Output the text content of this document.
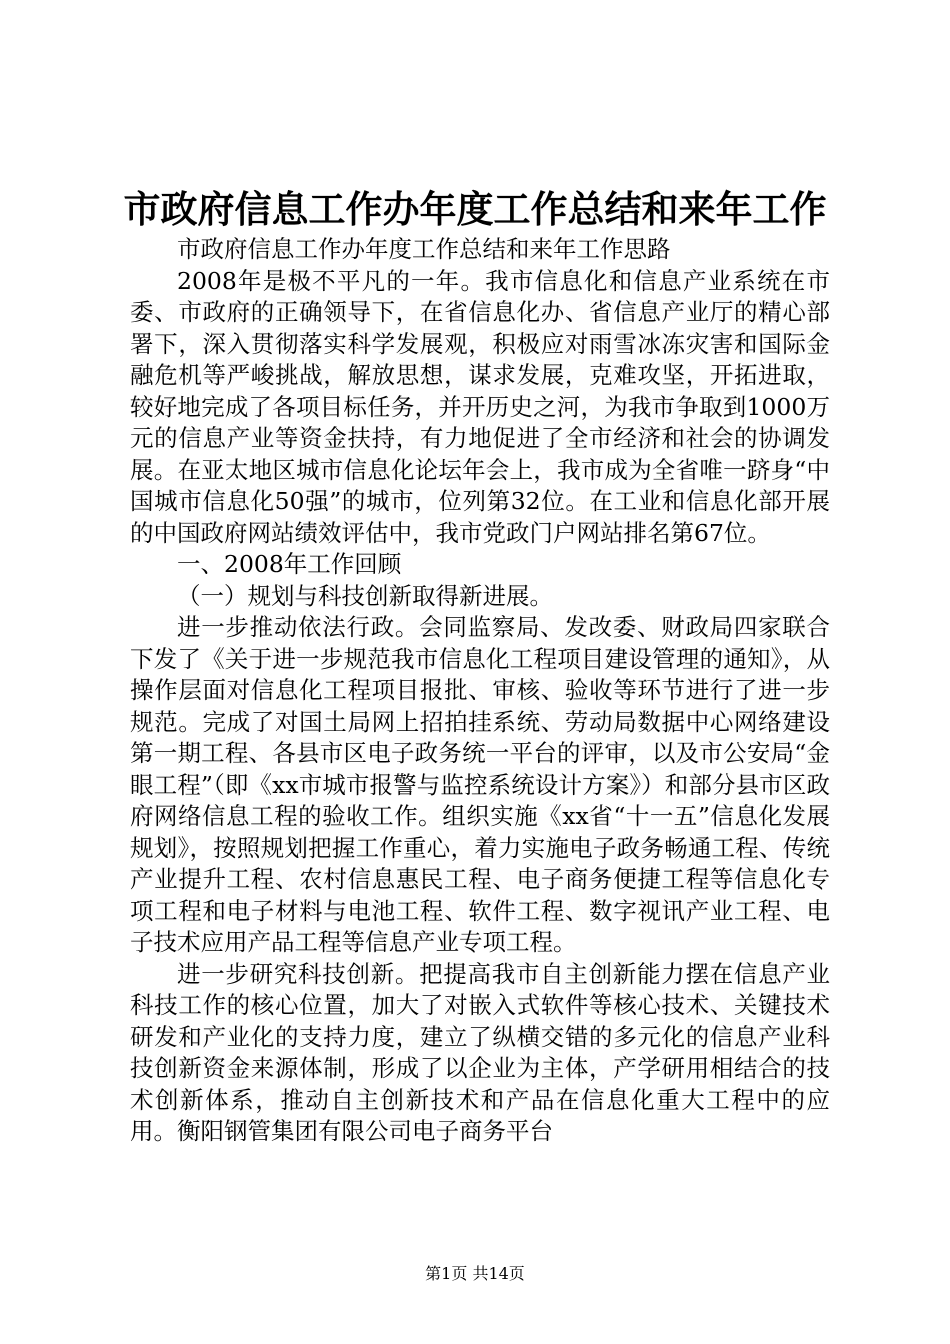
市政府信息工作办年度工作总结和来年工作

市政府信息工作办年度工作总结和来年工作思路

2008年是极不平凡的一年。我市信息化和信息产业系统在市委、市政府的正确领导下，在省信息化办、省信息产业厅的精心部署下，深入贯彻落实科学发展观，积极应对雨雪冰冻灾害和国际金融危机等严峻挑战，解放思想，谋求发展，克难攻坚，开拓进取，较好地完成了各项目标任务，并开历史之河，为我市争取到1000万元的信息产业等资金扶持，有力地促进了全市经济和社会的协调发展。在亚太地区城市信息化论坛年会上，我市成为全省唯一跻身“中国城市信息化50强”的城市，位列第32位。在工业和信息化部开展的中国政府网站绩效评估中，我市党政门户网站排名第67位。

一、2008年工作回顾

（一）规划与科技创新取得新进展。

进一步推动依法行政。会同监察局、发改委、财政局四家联合下发了《关于进一步规范我市信息化工程项目建设管理的通知》，从操作层面对信息化工程项目报批、审核、验收等环节进行了进一步规范。完成了对国土局网上招拍挂系统、劳动局数据中心网络建设第一期工程、各县市区电子政务统一平台的评审，以及市公安局“金眼工程”（即《xx市城市报警与监控系统设计方案》）和部分县市区政府网络信息工程的验收工作。组织实施《xx省“十一五”信息化发展规划》，按照规划把握工作重心，着力实施电子政务畅通工程、传统产业提升工程、农村信息惠民工程、电子商务便捷工程等信息化专项工程和电子材料与电池工程、软件工程、数字视讯产业工程、电子技术应用产品工程等信息产业专项工程。

进一步研究科技创新。把提高我市自主创新能力摆在信息产业科技工作的核心位置，加大了对嵌入式软件等核心技术、关键技术研发和产业化的支持力度，建立了纵横交错的多元化的信息产业科技创新资金来源体制，形成了以企业为主体，产学研用相结合的技术创新体系，推动自主创新技术和产品在信息化重大工程中的应用。衡阳钢管集团有限公司电子商务平台

第1页 共14页
